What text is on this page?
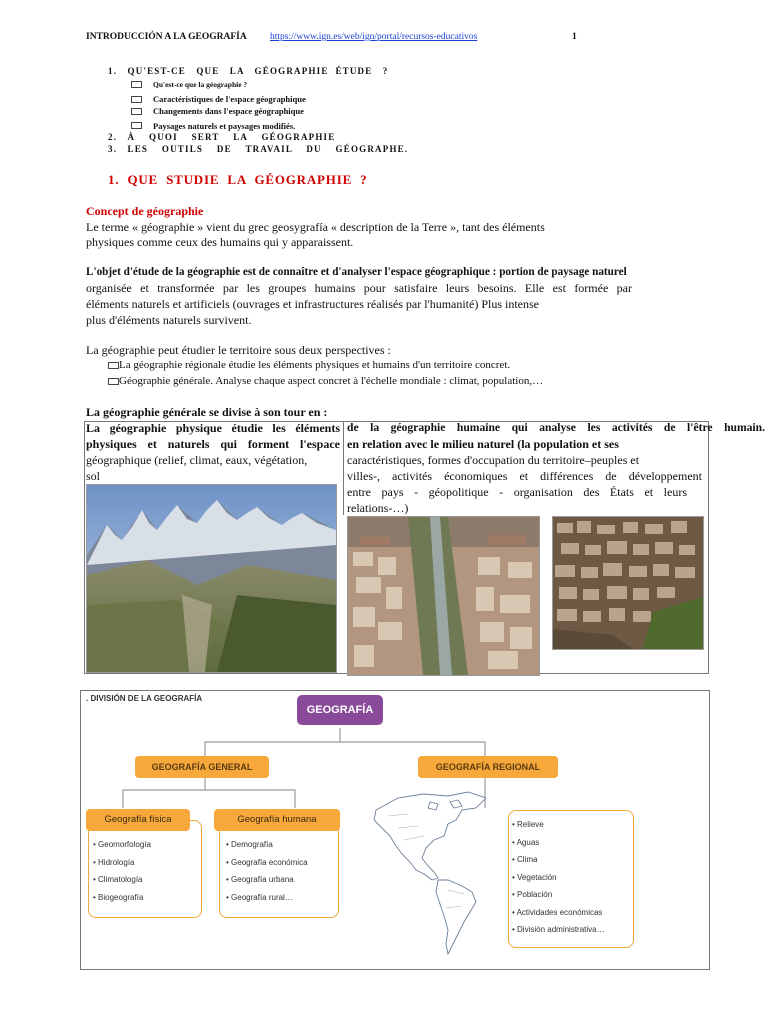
INTRODUCCIÓN A LA GEOGRAFÍA https://www.ign.es/web/ign/portal/recursos-educativos	1
1.   QU'EST-CE   QUE   LA   GÉOGRAPHIE  ÉTUDE   ?
Qu'est-ce que la géographie ?
Caractéristiques de l'espace géographique
Changements dans l'espace géographique
Paysages naturels et paysages modifiés.
2.   À    QUOI    SERT    LA    GÉOGRAPHIE
3.   LES    OUTILS    DE    TRAVAIL    DU    GÉOGRAPHE.
1.  QUE  STUDIE  LA  GÉOGRAPHIE  ?
Concept de géographie
Le terme « géographie » vient du grec geosygrafía « description de la Terre », tant des éléments
physiques comme ceux des humains qui y apparaissent.
L'objet d'étude de la géographie est de connaître et d'analyser l'espace géographique : portion de paysage naturel
organisée et transformée par les groupes humains pour satisfaire leurs besoins. Elle est formée par
éléments naturels et artificiels (ouvrages et infrastructures réalisés par l'humanité) Plus intense
plus d'éléments naturels survivent.
La géographie peut étudier le territoire sous deux perspectives :
La géographie régionale étudie les éléments physiques et humains d'un territoire concret.
Géographie générale. Analyse chaque aspect concret à l'échelle mondiale : climat, population,…
La géographie générale se divise à son tour en :
La géographie physique étudie les éléments
physiques et naturels qui forment l'espace
géographique (relief, climat, eaux, végétation,
sol
de la géographie humaine qui analyse les activités de l'être humain.
en relation avec le milieu naturel (la population et ses
caractéristiques, formes d'occupation du territoire–peuples et
villes-, activités économiques et différences de développement
entre pays - géopolitique - organisation des États et leurs
relations-…)
. DIVISIÓN DE LA GEOGRAFÍA
GEOGRAFÍA
GEOGRAFÍA GENERAL	GEOGRAFÍA REGIONAL
Geografía física
• Geomorfología
• Hidrología
• Climatología
• Biogeografía
Geografía humana
• Demografía
• Geografía económica
• Geografía urbana
• Geografía rural…
• Relieve
• Aguas
• Clima
• Vegetación
• Población
• Actividades económicas
• División administrativa…
